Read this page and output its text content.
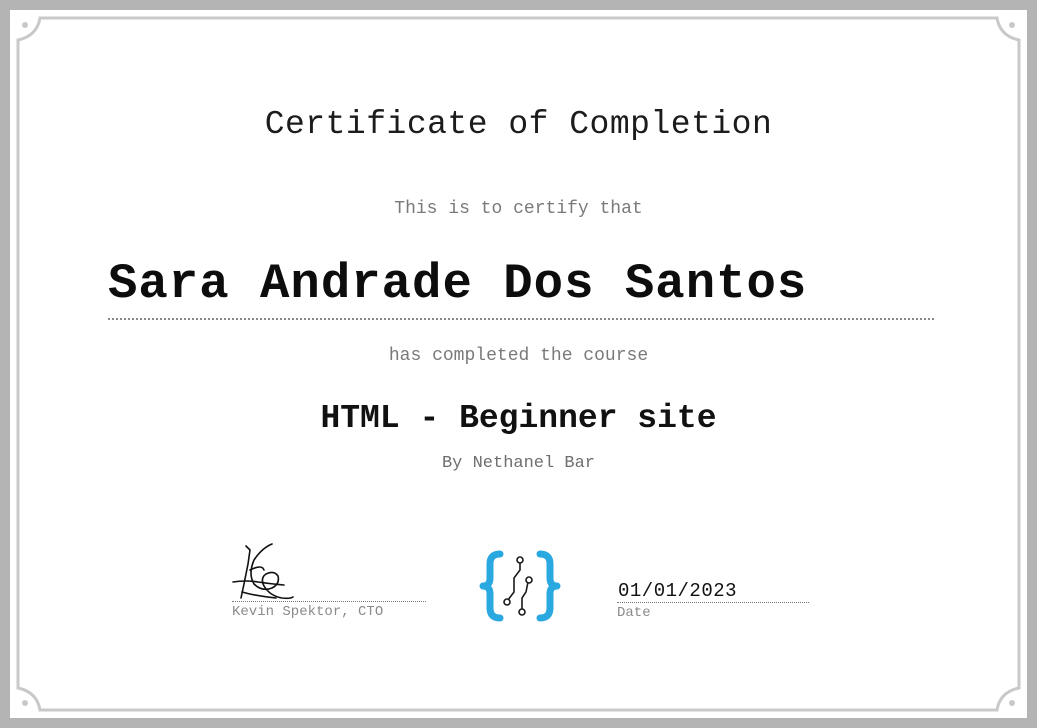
Certificate of Completion
This is to certify that
Sara Andrade Dos Santos
has completed the course
HTML - Beginner site
By Nethanel Bar
Kevin Spektor, CTO
01/01/2023
Date
